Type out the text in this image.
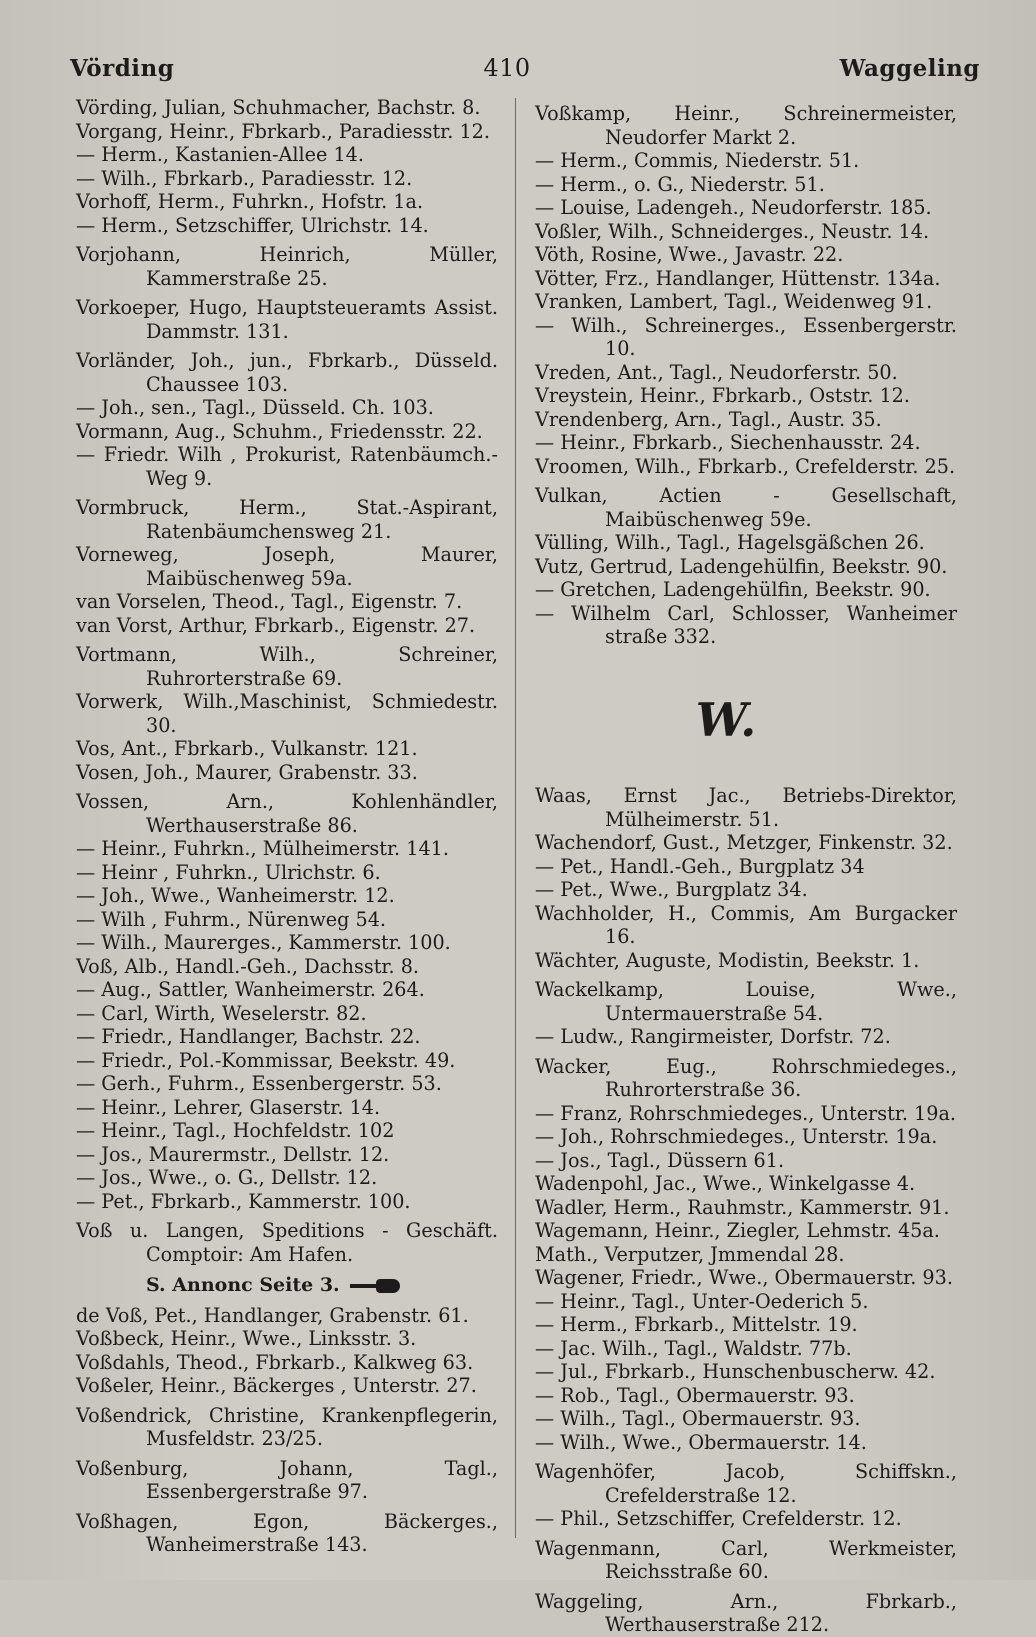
Vörding	410	Waggeling

Vörding, Julian, Schuhmacher, Bachstr. 8.

Vorgang, Heinr., Fbrkarb., Paradiesstr. 12.

— Herm., Kastanien-Allee 14.

— Wilh., Fbrkarb., Paradiesstr. 12.

Vorhoff, Herm., Fuhrkn., Hofstr. 1a.

— Herm., Setzschiffer, Ulrichstr. 14.

Vorjohann, Heinrich, Müller, Kammerstraße 25.

Vorkoeper, Hugo, Hauptsteueramts Assist. Dammstr. 131.

Vorländer, Joh., jun., Fbrkarb., Düsseld. Chaussee 103.

— Joh., sen., Tagl., Düsseld. Ch. 103.

Vormann, Aug., Schuhm., Friedensstr. 22.

— Friedr. Wilh , Prokurist, Ratenbäumch.-Weg 9.

Vormbruck, Herm., Stat.-Aspirant, Ratenbäumchensweg 21.

Vorneweg, Joseph, Maurer, Maibüschenweg 59a.

van Vorselen, Theod., Tagl., Eigenstr. 7.

van Vorst, Arthur, Fbrkarb., Eigenstr. 27.

Vortmann, Wilh., Schreiner, Ruhrorterstraße 69.

Vorwerk, Wilh.,Maschinist, Schmiedestr. 30.

Vos, Ant., Fbrkarb., Vulkanstr. 121.

Vosen, Joh., Maurer, Grabenstr. 33.

Vossen, Arn., Kohlenhändler, Werthauserstraße 86.

— Heinr., Fuhrkn., Mülheimerstr. 141.

— Heinr , Fuhrkn., Ulrichstr. 6.

— Joh., Wwe., Wanheimerstr. 12.

— Wilh , Fuhrm., Nürenweg 54.

— Wilh., Maurerges., Kammerstr. 100.

Voß, Alb., Handl.-Geh., Dachsstr. 8.

— Aug., Sattler, Wanheimerstr. 264.

— Carl, Wirth, Weselerstr. 82.

— Friedr., Handlanger, Bachstr. 22.

— Friedr., Pol.-Kommissar, Beekstr. 49.

— Gerh., Fuhrm., Essenbergerstr. 53.

— Heinr., Lehrer, Glaserstr. 14.

— Heinr., Tagl., Hochfeldstr. 102

— Jos., Maurermstr., Dellstr. 12.

— Jos., Wwe., o. G., Dellstr. 12.

— Pet., Fbrkarb., Kammerstr. 100.

Voß u. Langen, Speditions - Geschäft. Comptoir: Am Hafen.

S. Annonc Seite 3.

de Voß, Pet., Handlanger, Grabenstr. 61.

Voßbeck, Heinr., Wwe., Linksstr. 3.

Voßdahls, Theod., Fbrkarb., Kalkweg 63.

Voßeler, Heinr., Bäckerges , Unterstr. 27.

Voßendrick, Christine, Krankenpflegerin, Musfeldstr. 23/25.

Voßenburg, Johann, Tagl., Essenbergerstraße 97.

Voßhagen, Egon, Bäckerges., Wanheimerstraße 143.

Voßkamp, Heinr., Schreinermeister, Neudorfer Markt 2.

— Herm., Commis, Niederstr. 51.

— Herm., o. G., Niederstr. 51.

— Louise, Ladengeh., Neudorferstr. 185.

Voßler, Wilh., Schneiderges., Neustr. 14.

Vöth, Rosine, Wwe., Javastr. 22.

Vötter, Frz., Handlanger, Hüttenstr. 134a.

Vranken, Lambert, Tagl., Weidenweg 91.

— Wilh., Schreinerges., Essenbergerstr. 10.

Vreden, Ant., Tagl., Neudorferstr. 50.

Vreystein, Heinr., Fbrkarb., Oststr. 12.

Vrendenberg, Arn., Tagl., Austr. 35.

— Heinr., Fbrkarb., Siechenhausstr. 24.

Vroomen, Wilh., Fbrkarb., Crefelderstr. 25.

Vulkan, Actien - Gesellschaft, Maibüschenweg 59e.

Vülling, Wilh., Tagl., Hagelsgäßchen 26.

Vutz, Gertrud, Ladengehülfin, Beekstr. 90.

— Gretchen, Ladengehülfin, Beekstr. 90.

— Wilhelm Carl, Schlosser, Wanheimer straße 332.

W.

Waas, Ernst Jac., Betriebs-Direktor, Mülheimerstr. 51.

Wachendorf, Gust., Metzger, Finkenstr. 32.

— Pet., Handl.-Geh., Burgplatz 34

— Pet., Wwe., Burgplatz 34.

Wachholder, H., Commis, Am Burgacker 16.

Wächter, Auguste, Modistin, Beekstr. 1.

Wackelkamp, Louise, Wwe., Untermauerstraße 54.

— Ludw., Rangirmeister, Dorfstr. 72.

Wacker, Eug., Rohrschmiedeges., Ruhrorterstraße 36.

— Franz, Rohrschmiedeges., Unterstr. 19a.

— Joh., Rohrschmiedeges., Unterstr. 19a.

— Jos., Tagl., Düssern 61.

Wadenpohl, Jac., Wwe., Winkelgasse 4.

Wadler, Herm., Rauhmstr., Kammerstr. 91.

Wagemann, Heinr., Ziegler, Lehmstr. 45a.

Math., Verputzer, Jmmendal 28.

Wagener, Friedr., Wwe., Obermauerstr. 93.

— Heinr., Tagl., Unter-Oederich 5.

— Herm., Fbrkarb., Mittelstr. 19.

— Jac. Wilh., Tagl., Waldstr. 77b.

— Jul., Fbrkarb., Hunschenbuscherw. 42.

— Rob., Tagl., Obermauerstr. 93.

— Wilh., Tagl., Obermauerstr. 93.

— Wilh., Wwe., Obermauerstr. 14.

Wagenhöfer, Jacob, Schiffskn., Crefelderstraße 12.

— Phil., Setzschiffer, Crefelderstr. 12.

Wagenmann, Carl, Werkmeister, Reichsstraße 60.

Waggeling, Arn., Fbrkarb., Werthauserstraße 212.
